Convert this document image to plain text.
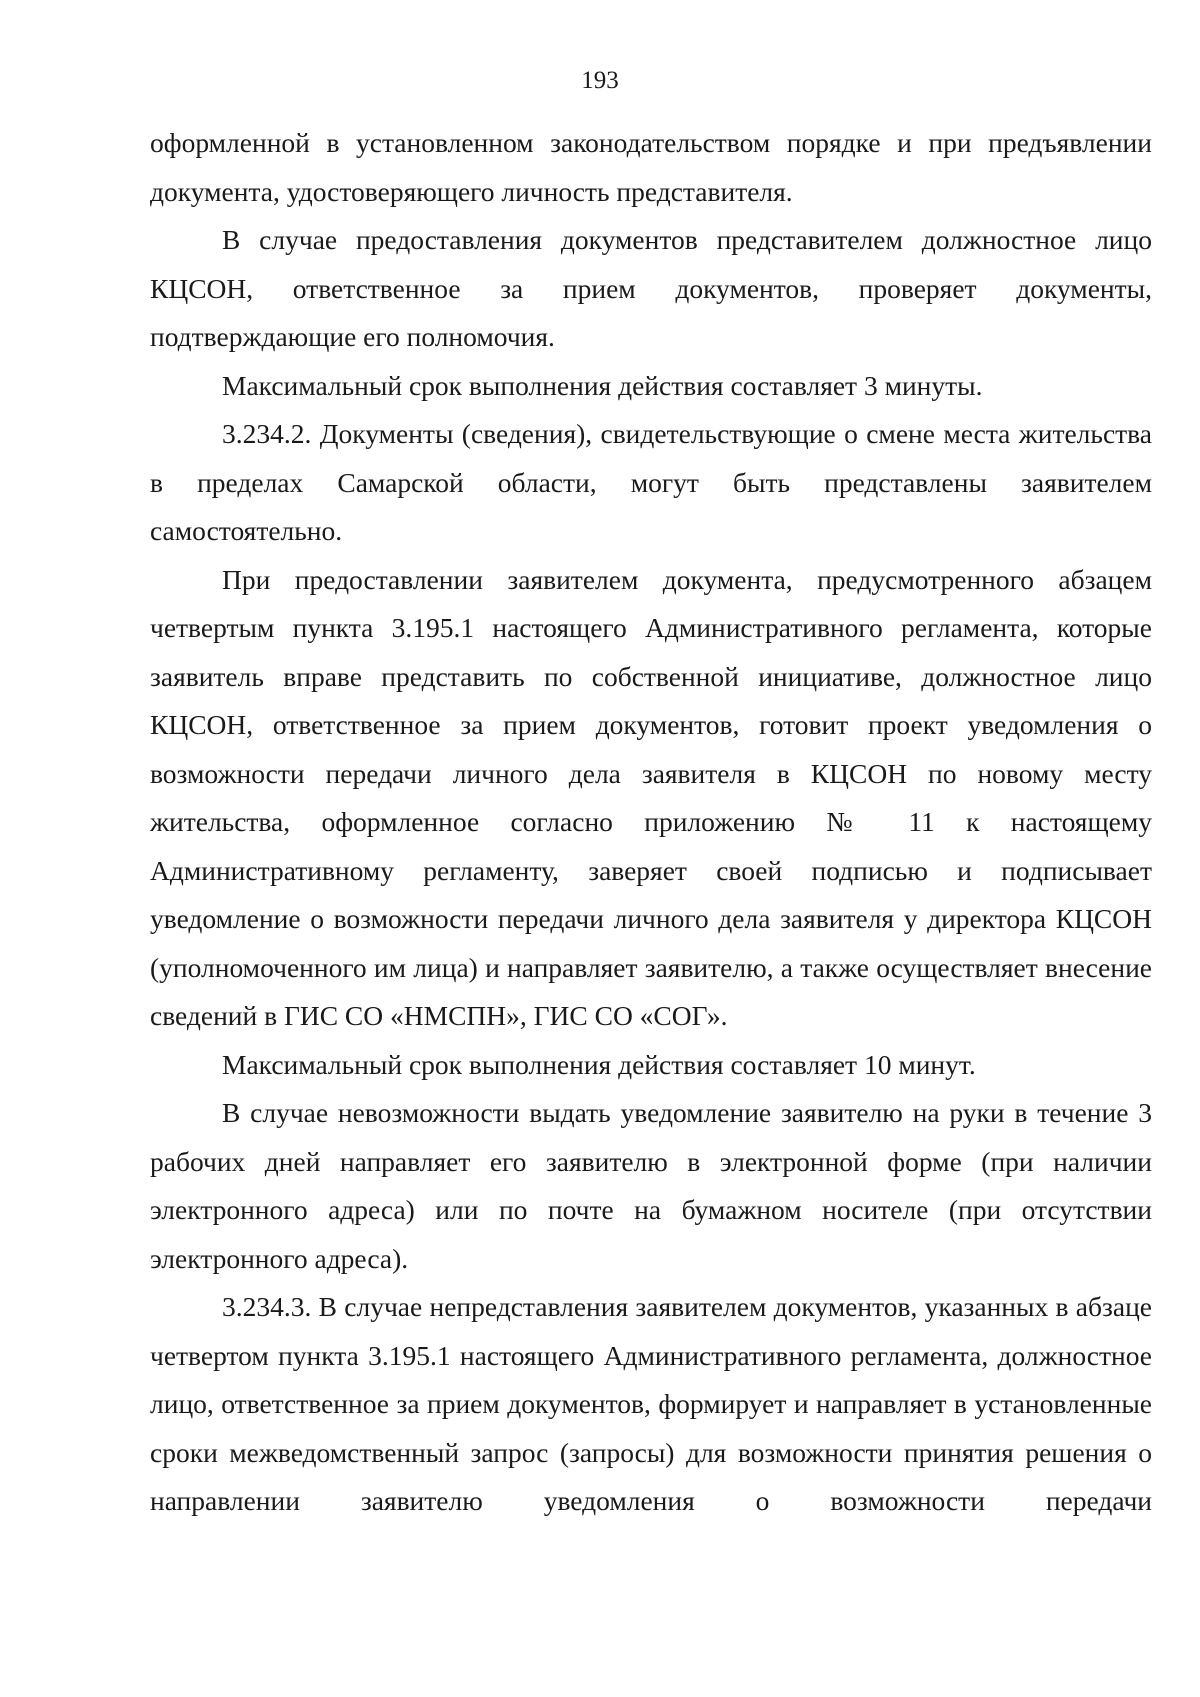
193

оформленной в установленном законодательством порядке и при предъявлении документа, удостоверяющего личность представителя.

В случае предоставления документов представителем должностное лицо КЦСОН, ответственное за прием документов, проверяет документы, подтверждающие его полномочия.

Максимальный срок выполнения действия составляет 3 минуты.

3.234.2. Документы (сведения), свидетельствующие о смене места жительства в пределах Самарской области, могут быть представлены заявителем самостоятельно.

При предоставлении заявителем документа, предусмотренного абзацем четвертым пункта 3.195.1 настоящего Административного регламента, которые заявитель вправе представить по собственной инициативе, должностное лицо КЦСОН, ответственное за прием документов, готовит проект уведомления о возможности передачи личного дела заявителя в КЦСОН по новому месту жительства, оформленное согласно приложению № 11 к настоящему Административному регламенту, заверяет своей подписью и подписывает уведомление о возможности передачи личного дела заявителя у директора КЦСОН (уполномоченного им лица) и направляет заявителю, а также осуществляет внесение сведений в ГИС СО «НМСПН», ГИС СО «СОГ».

Максимальный срок выполнения действия составляет 10 минут.

В случае невозможности выдать уведомление заявителю на руки в течение 3 рабочих дней направляет его заявителю в электронной форме (при наличии электронного адреса) или по почте на бумажном носителе (при отсутствии электронного адреса).

3.234.3. В случае непредставления заявителем документов, указанных в абзаце четвертом пункта 3.195.1 настоящего Административного регламента, должностное лицо, ответственное за прием документов, формирует и направляет в установленные сроки межведомственный запрос (запросы) для возможности принятия решения о направлении заявителю уведомления о возможности передачи
